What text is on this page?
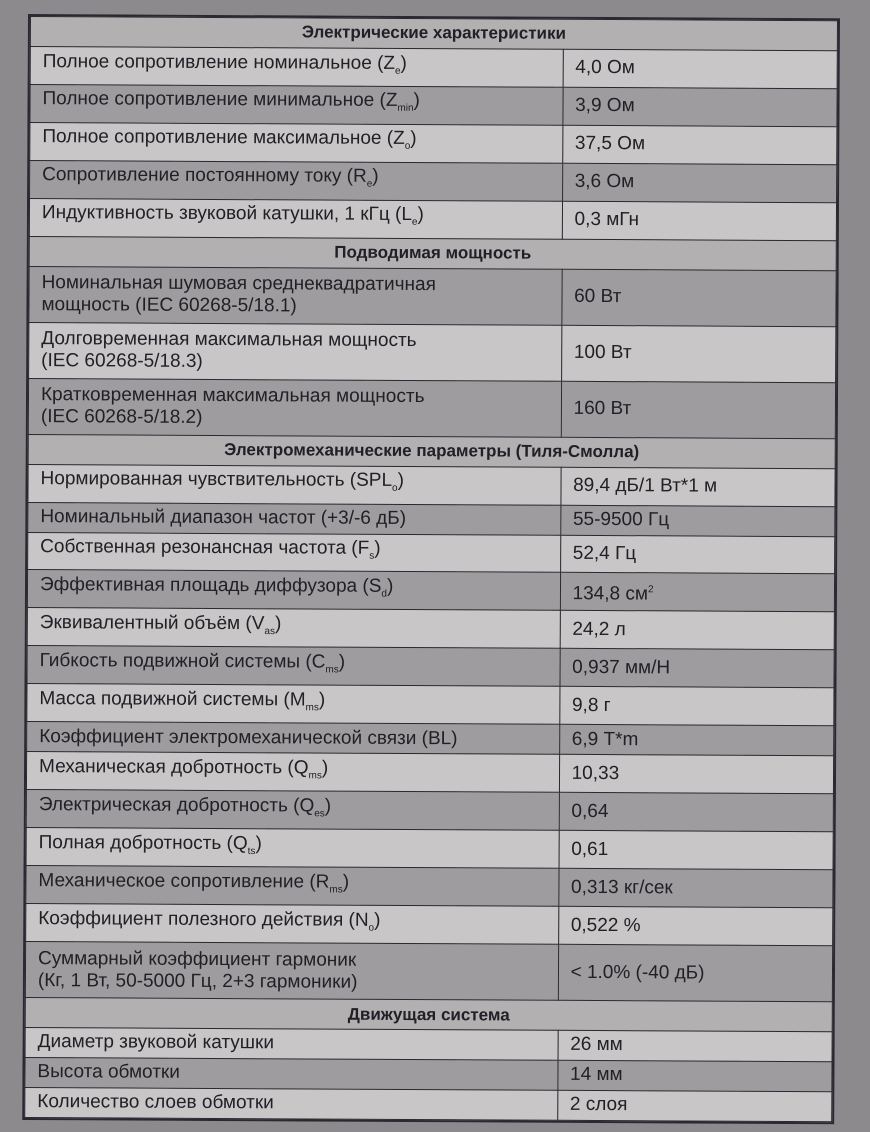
Электрические характеристики	
Полное сопротивление номинальное $(Z_e)$	4,0 Ом
Полное сопротивление минимальное $(Z_{min})$	3,9 Ом
Полное сопротивление максимальное $(Z_o)$	37,5 Ом
Сопротивление постоянному току $(R_e)$	3,6 Ом
Индуктивность звуковой катушки, 1 кГц $(L_e)$	0,3 мГн
Подводимая мощность	
Номинальная шумовая среднеквадратичная
мощность (IEC 60268-5/18.1)	60 Вт
Долговременная максимальная мощность
(IEC 60268-5/18.3)	100 Вт
Кратковременная максимальная мощность
(IEC 60268-5/18.2)	160 Вт
Электромеханические параметры (Тиля-Смолла)	
Нормированная чувствительность $(SPL_o)$	89,4 дБ/1 Вт*1 м
Номинальный диапазон частот (+3/-6 дБ)	55-9500 Гц
Собственная резонансная частота $(F_s)$	52,4 Гц
Эффективная площадь диффузора $(S_d)$	134,8 $см^2$
Эквивалентный объём $(V_{as})$	24,2 л
Гибкость подвижной системы $(C_{ms})$	0,937 мм/Н
Масса подвижной системы $(M_{ms})$	9,8 г
Коэффициент электромеханической связи (BL)	6,9 Т*m
Механическая добротность $(Q_{ms})$	10,33
Электрическая добротность $(Q_{es})$	0,64
Полная добротность $(Q_{ts})$	0,61
Механическое сопротивление $(R_{ms})$	0,313 кг/сек
Коэффициент полезного действия $(N_o)$	0,522 %
Суммарный коэффициент гармоник
(Кг, 1 Вт, 50-5000 Гц, 2+3 гармоники)	< 1.0% (-40 дБ)
Движущая система	
Диаметр звуковой катушки	26 мм
Высота обмотки	14 мм
Количество слоев обмотки	2 слоя
